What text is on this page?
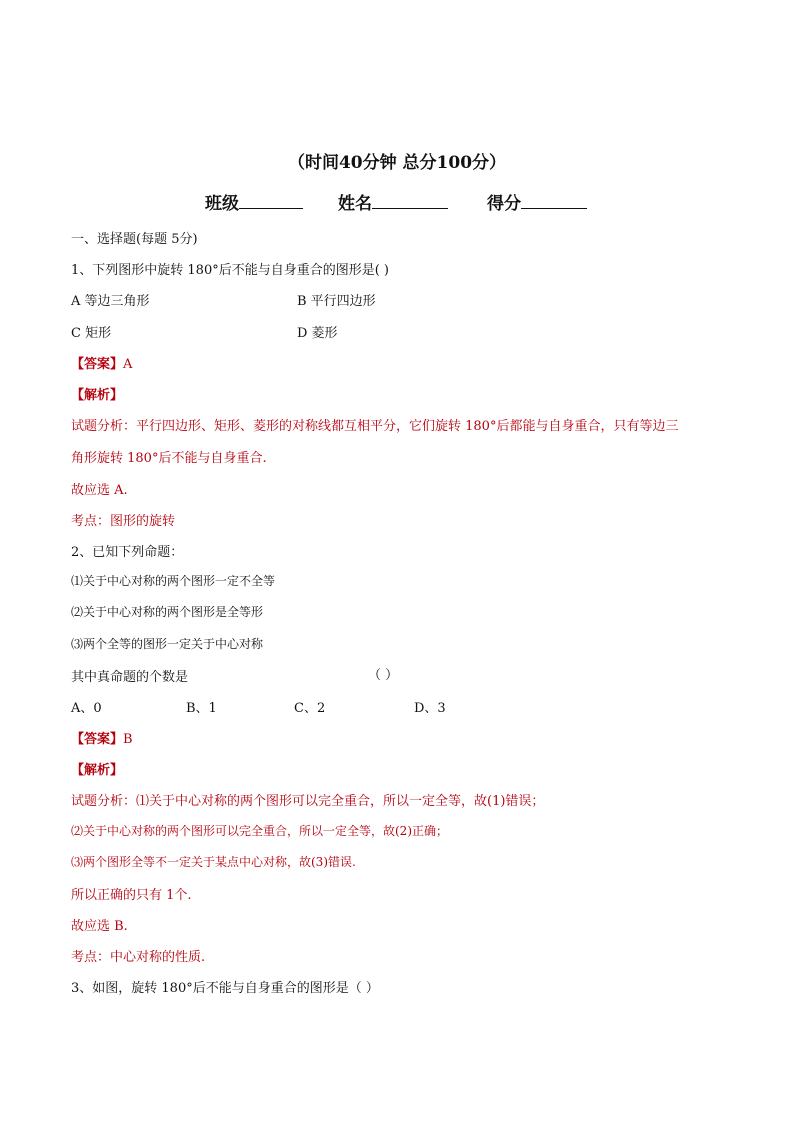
（时间40分钟 总分100分）
班级	姓名	得分
一、选择题(每题 5分)
1、下列图形中旋转 180°后不能与自身重合的图形是( )
A 等边三角形	B 平行四边形
C 矩形	D 菱形
【答案】A
【解析】
试题分析：平行四边形、矩形、菱形的对称线都互相平分，它们旋转 180°后都能与自身重合，只有等边三
角形旋转 180°后不能与自身重合.
故应选 A.
考点：图形的旋转
2、已知下列命题：
⑴关于中心对称的两个图形一定不全等
⑵关于中心对称的两个图形是全等形
⑶两个全等的图形一定关于中心对称
其中真命题的个数是	（ ）
A、0	B、1	C、2	D、3
【答案】B
【解析】
试题分析：⑴关于中心对称的两个图形可以完全重合，所以一定全等，故(1)错误；
⑵关于中心对称的两个图形可以完全重合，所以一定全等，故(2)正确；
⑶两个图形全等不一定关于某点中心对称，故(3)错误.
所以正确的只有 1个.
故应选 B.
考点：中心对称的性质.
3、如图，旋转 180°后不能与自身重合的图形是（ ）
